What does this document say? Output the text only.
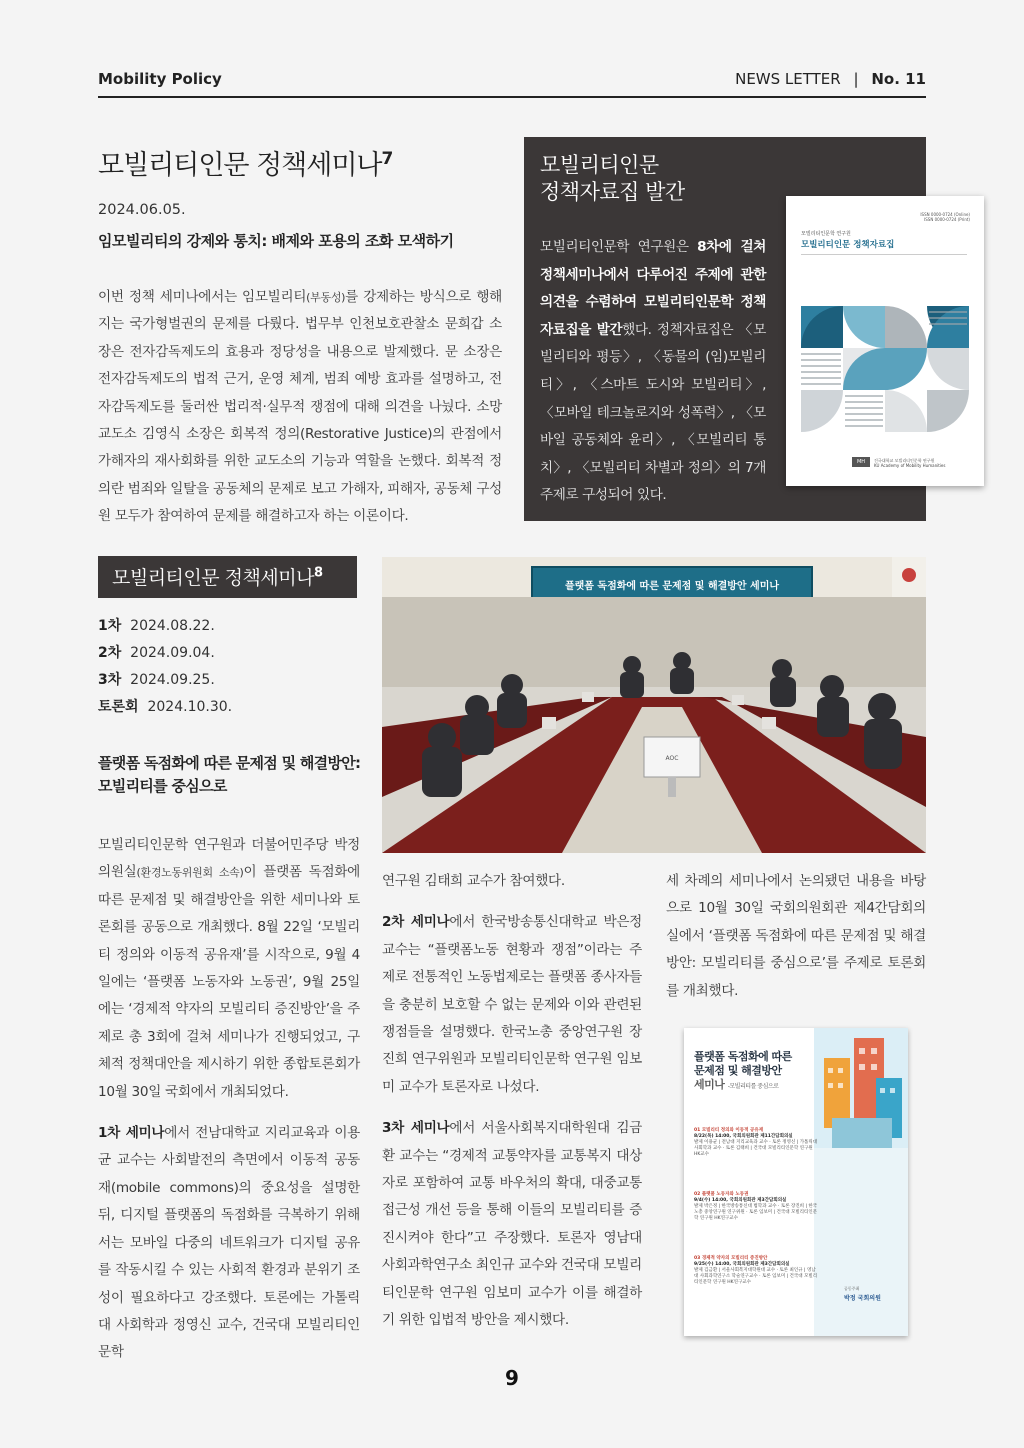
Mobility Policy	NEWS LETTER | No. 11
모빌리티인문 정책세미나$^7$
2024.06.05.
임모빌리티의 강제와 통치: 배제와 포용의 조화 모색하기
이번 정책 세미나에서는 임모빌리티(부동성)를 강제하는 방식으로 행해지는 국가형벌권의 문제를 다뤘다. 법무부 인천보호관찰소 문희갑 소장은 전자감독제도의 효용과 정당성을 내용으로 발제했다. 문 소장은 전자감독제도의 법적 근거, 운영 체계, 범죄 예방 효과를 설명하고, 전자감독제도를 둘러싼 법리적·실무적 쟁점에 대해 의견을 나눴다. 소망교도소 김영식 소장은 회복적 정의(Restorative Justice)의 관점에서 가해자의 재사회화를 위한 교도소의 기능과 역할을 논했다. 회복적 정의란 범죄와 일탈을 공동체의 문제로 보고 가해자, 피해자, 공동체 구성원 모두가 참여하여 문제를 해결하고자 하는 이론이다.
모빌리티인문
정책자료집 발간
모빌리티인문학 연구원은 8차에 걸쳐 정책세미나에서 다루어진 주제에 관한 의견을 수렴하여 모빌리티인문학 정책자료집을 발간했다. 정책자료집은 〈모빌리티와 평등〉, 〈동물의 (임)모빌리티〉, 〈스마트 도시와 모빌리티〉, 〈모바일 테크놀로지와 성폭력〉, 〈모바일 공동체와 윤리〉, 〈모빌리티 통치〉, 〈모빌리티 차별과 정의〉의 7개 주제로 구성되어 있다.
ISSN 0000-0724 (Online)
ISSN 0000-0724 (Print)
모빌리티인문학 연구원
모빌리티인문 정책자료집
MH	건국대학교 모빌리티인문학 연구원
KU Academy of Mobility Humanities
모빌리티인문 정책세미나$^8$
1차 2024.08.22.
2차 2024.09.04.
3차 2024.09.25.
토론회 2024.10.30.
플랫폼 독점화에 따른 문제점 및 해결방안:
모빌리티를 중심으로
모빌리티인문학 연구원과 더불어민주당 박정의원실(환경노동위원회 소속)이 플랫폼 독점화에 따른 문제점 및 해결방안을 위한 세미나와 토론회를 공동으로 개최했다. 8월 22일 ‘모빌리티 정의와 이동적 공유재’를 시작으로, 9월 4일에는 ‘플랫폼 노동자와 노동권’, 9월 25일에는 ‘경제적 약자의 모빌리티 증진방안’을 주제로 총 3회에 걸쳐 세미나가 진행되었고, 구체적 정책대안을 제시하기 위한 종합토론회가 10월 30일 국회에서 개최되었다.
1차 세미나에서 전남대학교 지리교육과 이용균 교수는 사회발전의 측면에서 이동적 공동재(mobile commons)의 중요성을 설명한 뒤, 디지털 플랫폼의 독점화를 극복하기 위해서는 모바일 다중의 네트워크가 디지털 공유를 작동시킬 수 있는 사회적 환경과 분위기 조성이 필요하다고 강조했다. 토론에는 가톨릭대 사회학과 정영신 교수, 건국대 모빌리티인문학
플랫폼 독점화에 따른 문제점 및 해결방안 세미나
AOC
연구원 김태희 교수가 참여했다.
2차 세미나에서 한국방송통신대학교 박은정 교수는 “플랫폼노동 현황과 쟁점”이라는 주제로 전통적인 노동법제로는 플랫폼 종사자들을 충분히 보호할 수 없는 문제와 이와 관련된 쟁점들을 설명했다. 한국노총 중앙연구원 장진희 연구위원과 모빌리티인문학 연구원 임보미 교수가 토론자로 나섰다.
3차 세미나에서 서울사회복지대학원대 김금환 교수는 “경제적 교통약자를 교통복지 대상자로 포함하여 교통 바우처의 확대, 대중교통 접근성 개선 등을 통해 이들의 모빌리티를 증진시켜야 한다”고 주장했다. 토론자 영남대 사회과학연구소 최인규 교수와 건국대 모빌리티인문학 연구원 임보미 교수가 이를 해결하기 위한 입법적 방안을 제시했다.
세 차례의 세미나에서 논의됐던 내용을 바탕으로 10월 30일 국회의원회관 제4간담회의실에서 ‘플랫폼 독점화에 따른 문제점 및 해결방안: 모빌리티를 중심으로’를 주제로 토론회를 개최했다.
플랫폼 독점화에 따른
문제점 및 해결방안
세미나 -모빌리티를 중심으로
01 모빌리티 정의와 이동적 공유재
8/22(목) 14:00, 국회의원회관 제11간담회의실
발제 이용균 | 전남대 지리교육과 교수 · 토론 정영신 | 가톨릭대 사회학과 교수 · 토론 김태희 | 건국대 모빌리티인문학 연구원 HK교수
02 플랫폼 노동자와 노동권
9/4(수) 14:00, 국회의원회관 제3간담회의실
발제 박은정 | 한국방송통신대 법학과 교수 · 토론 장진희 | 한국노총 중앙연구원 연구위원 · 토론 임보미 | 건국대 모빌리티인문학 연구원 HK연구교수
03 경제적 약자의 모빌리티 증진방안
9/25(수) 14:00, 국회의원회관 제3간담회의실
발제 김금환 | 서울사회복지대학원대 교수 · 토론 최인규 | 영남대 사회과학연구소 학술연구교수 · 토론 임보미 | 건국대 모빌리티인문학 연구원 HK연구교수
공동주최
박정 국회의원
9
